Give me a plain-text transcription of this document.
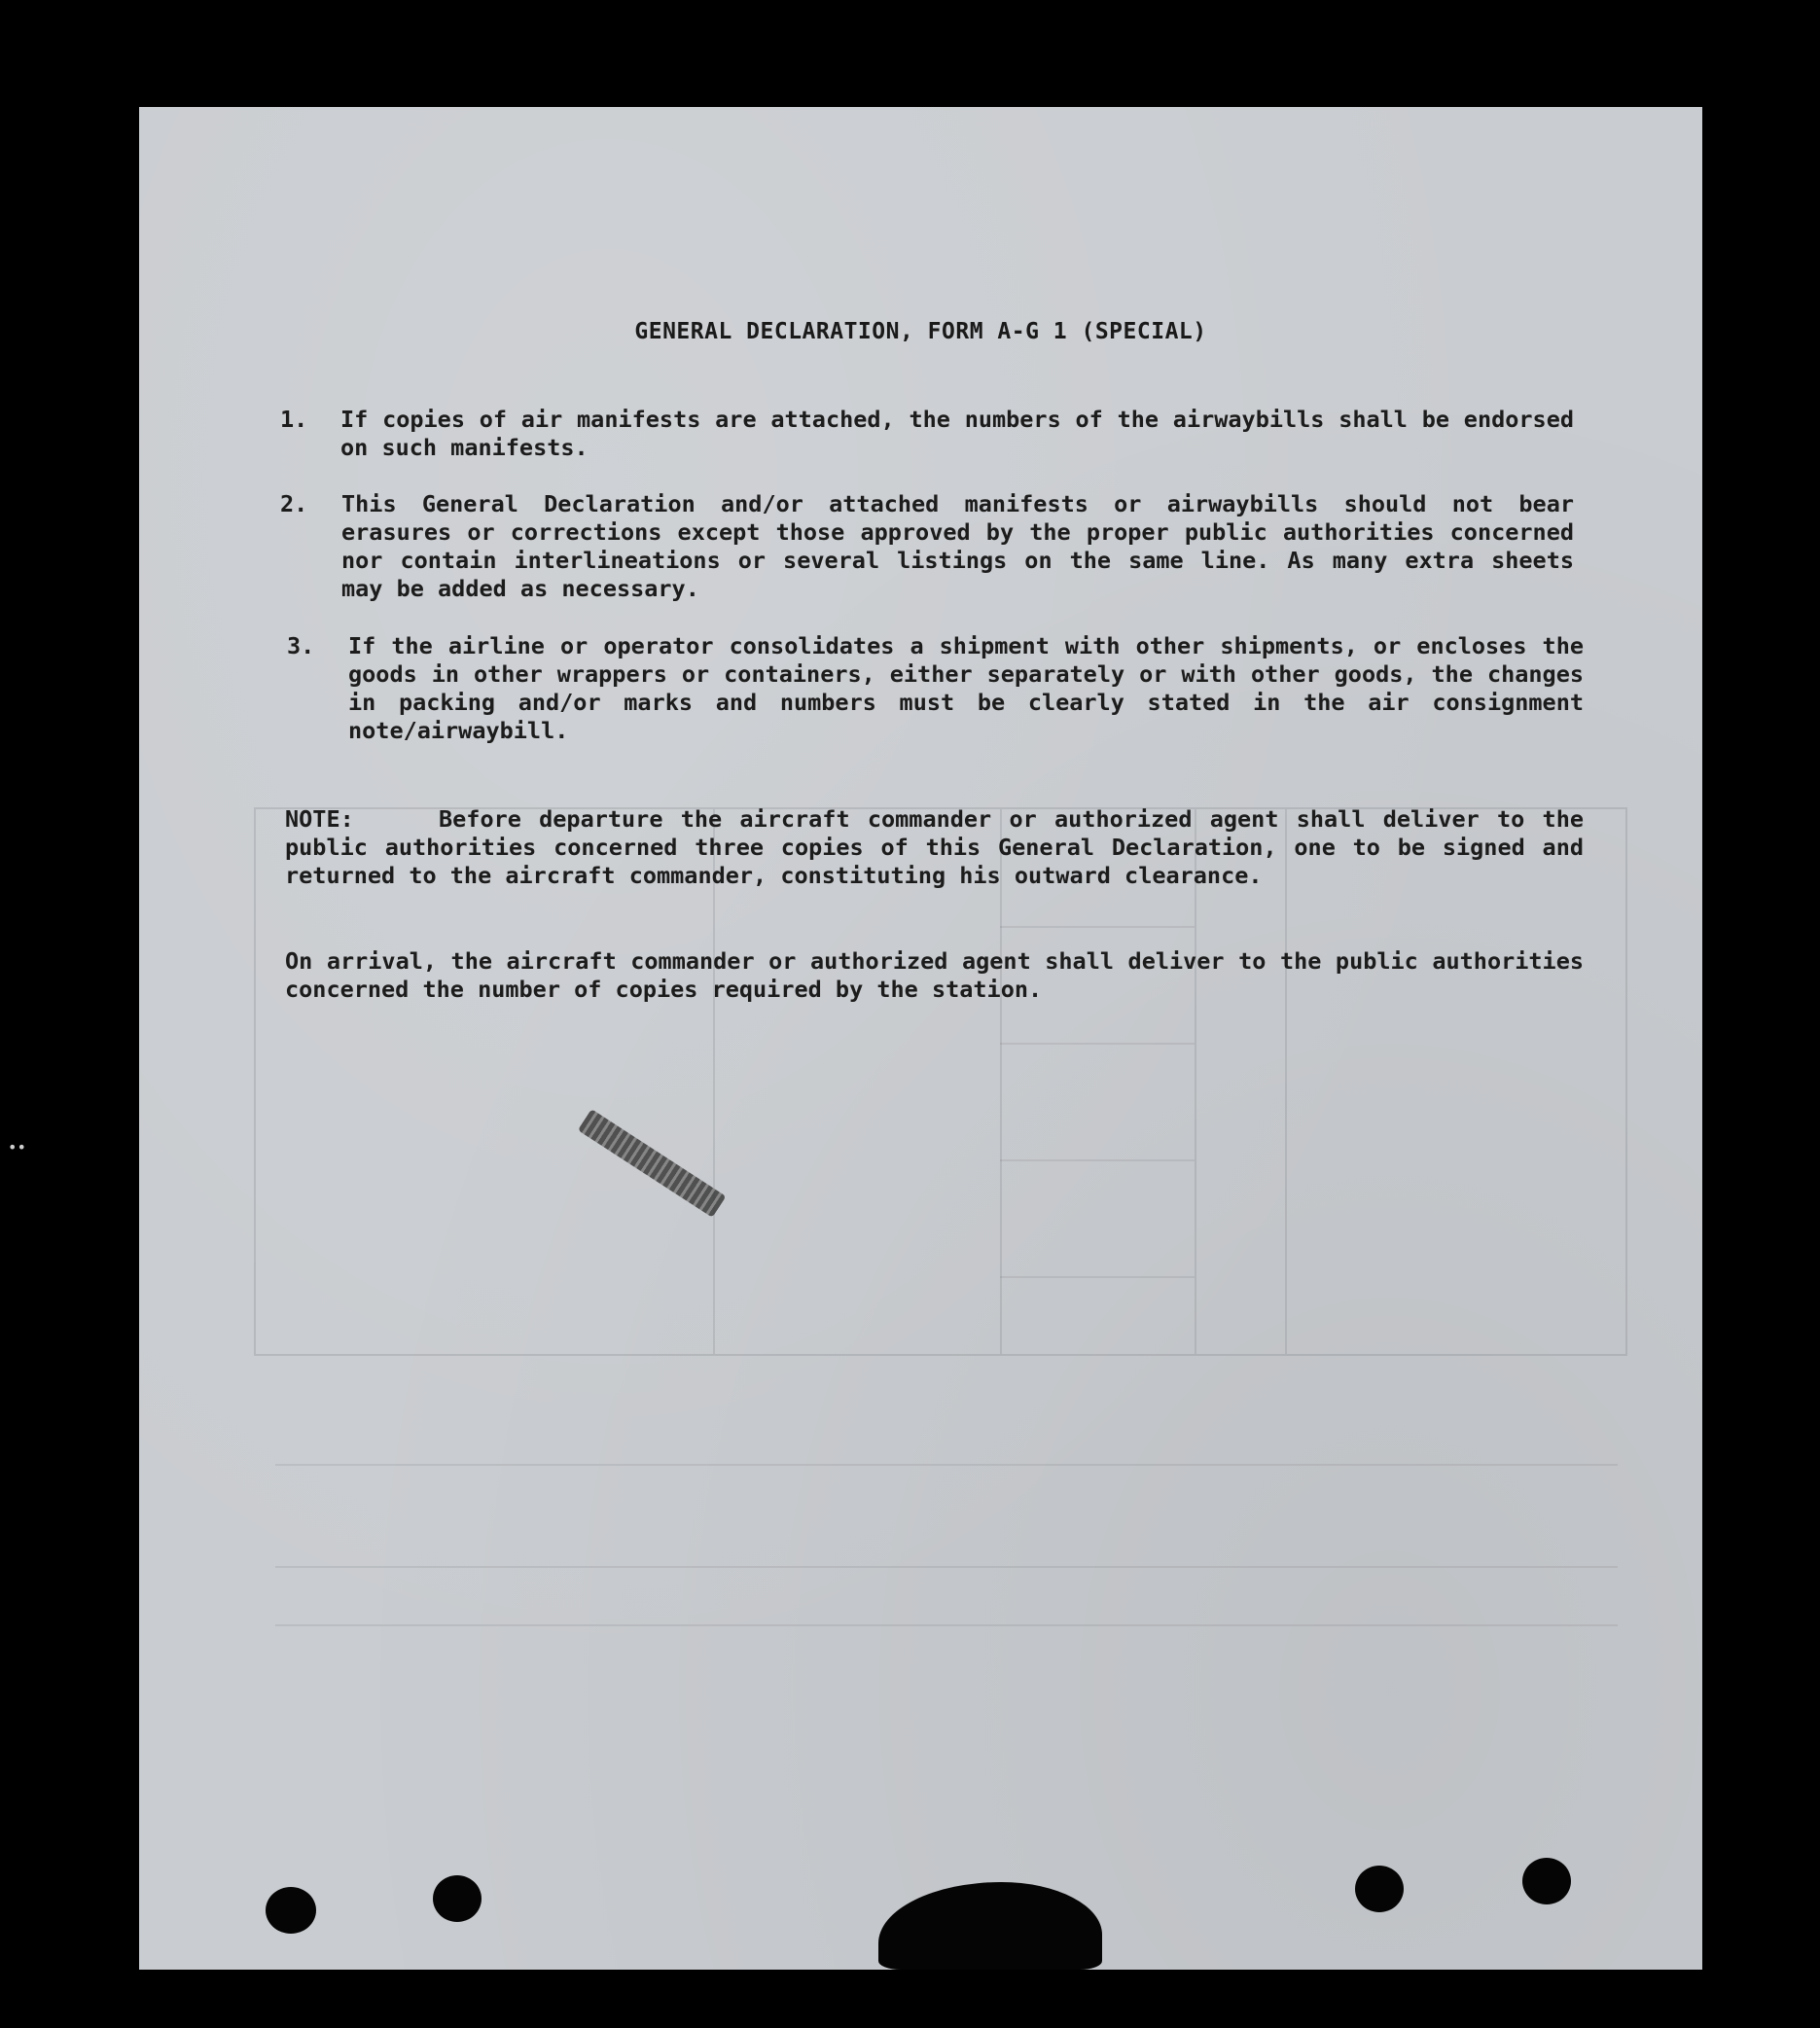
GENERAL DECLARATION, FORM A-G 1 (SPECIAL)
1. If copies of air manifests are attached, the numbers of the airwaybills shall be endorsed on such manifests.
2. This General Declaration and/or attached manifests or airwaybills should not bear erasures or corrections except those approved by the proper public authorities concerned nor contain interlineations or several listings on the same line. As many extra sheets may be added as necessary.
3. If the airline or operator consolidates a shipment with other shipments, or encloses the goods in other wrappers or containers, either separately or with other goods, the changes in packing and/or marks and numbers must be clearly stated in the air consignment note/airwaybill.
NOTE:	Before departure the aircraft commander or authorized agent shall deliver to the public authorities concerned three copies of this General Declaration, one to be signed and returned to the aircraft commander, constituting his outward clearance.
On arrival, the aircraft commander or authorized agent shall deliver to the public authorities concerned the number of copies required by the station.
••
